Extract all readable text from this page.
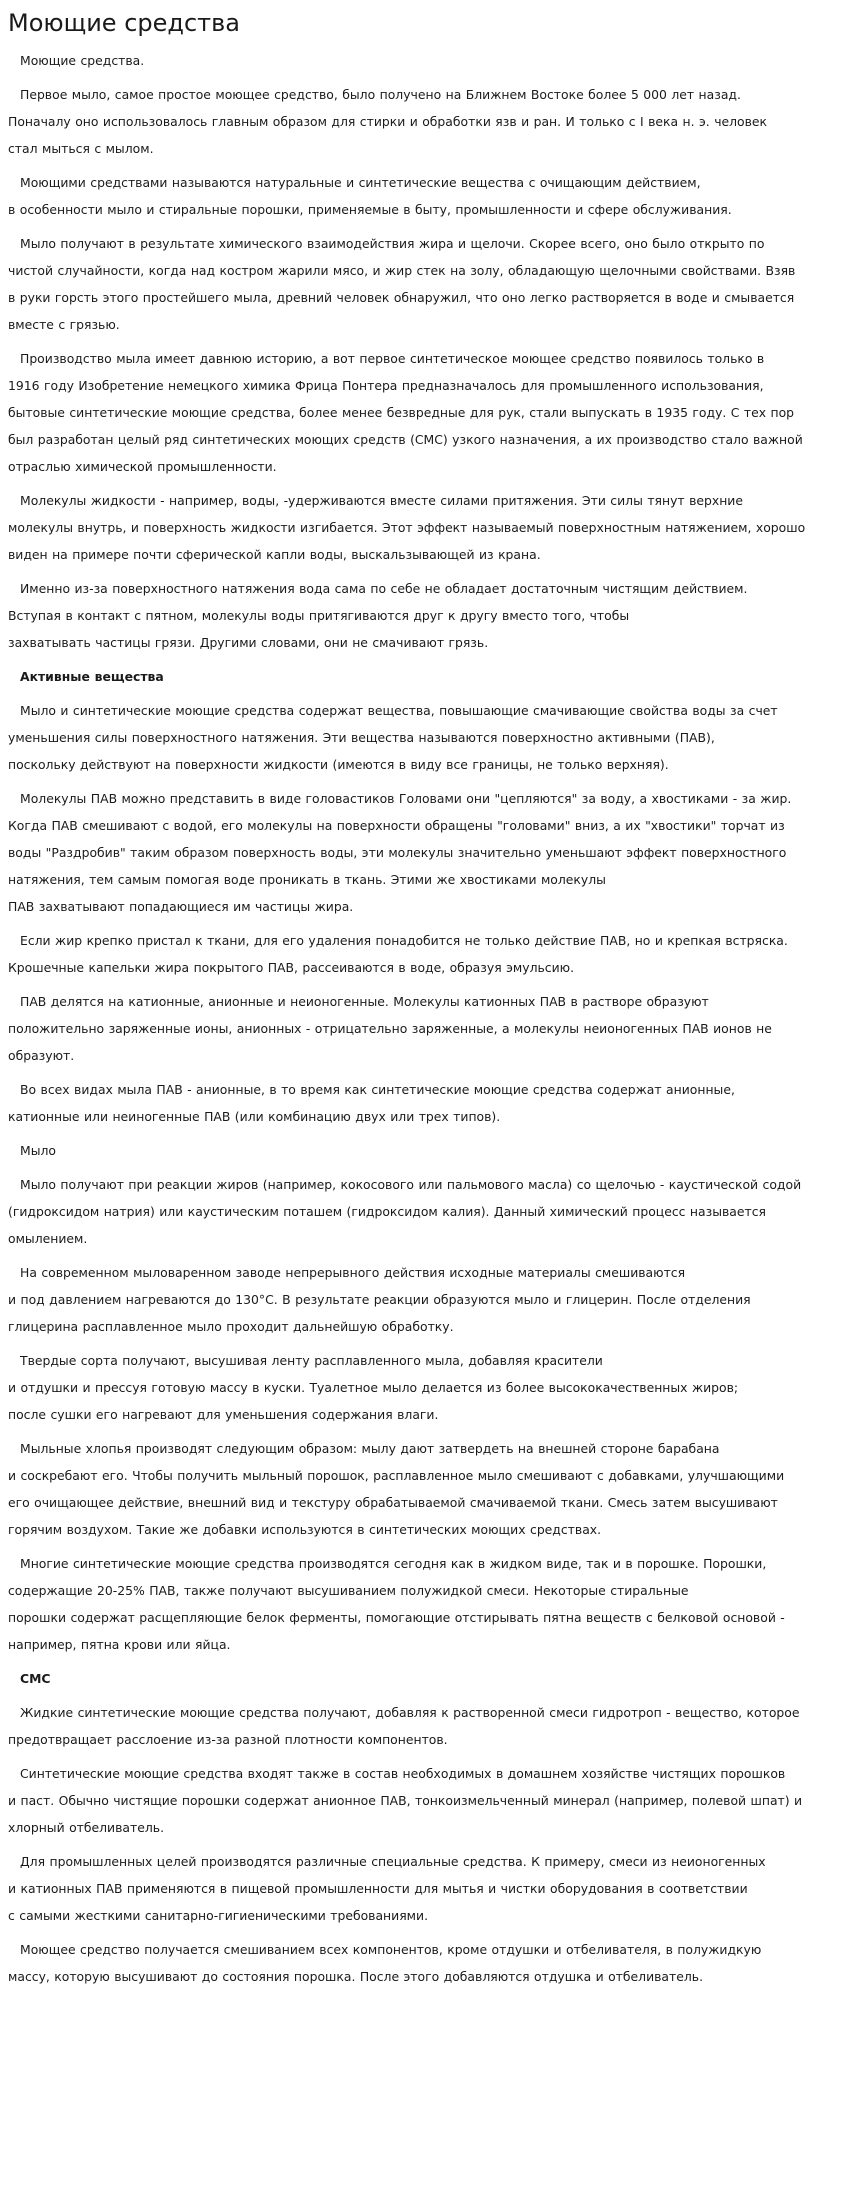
Моющие средства

Моющие средства.

Первое мыло, самое простое моющее средство, было получено на Ближнем Востоке более 5 000 лет назад.
Поначалу оно использовалось главным образом для стирки и обработки язв и ран. И только с I века н. э. человек
стал мыться с мылом.

Моющими средствами называются натуральные и синтетические вещества с очищающим действием,
в особенности мыло и стиральные порошки, применяемые в быту, промышленности и сфере обслуживания.

Мыло получают в результате химического взаимодействия жира и щелочи. Скорее всего, оно было открыто по
чистой случайности, когда над костром жарили мясо, и жир стек на золу, обладающую щелочными свойствами. Взяв
в руки горсть этого простейшего мыла, древний человек обнаружил, что оно легко растворяется в воде и смывается
вместе с грязью.

Производство мыла имеет давнюю историю, а вот первое синтетическое моющее средство появилось только в
1916 году Изобретение немецкого химика Фрица Понтера предназначалось для промышленного использования,
бытовые синтетические моющие средства, более менее безвредные для рук, стали выпускать в 1935 году. С тех пор
был разработан целый ряд синтетических моющих средств (СМС) узкого назначения, а их производство стало важной
отраслью химической промышленности.

Молекулы жидкости - например, воды, -удерживаются вместе силами притяжения. Эти силы тянут верхние
молекулы внутрь, и поверхность жидкости изгибается. Этот эффект называемый поверхностным натяжением, хорошо
виден на примере почти сферической капли воды, выскальзывающей из крана.

Именно из-за поверхностного натяжения вода сама по себе не обладает достаточным чистящим действием.
Вступая в контакт с пятном, молекулы воды притягиваются друг к другу вместо того, чтобы
захватывать частицы грязи. Другими словами, они не смачивают грязь.

Активные вещества

Мыло и синтетические моющие средства содержат вещества, повышающие смачивающие свойства воды за счет
уменьшения силы поверхностного натяжения. Эти вещества называются поверхностно активными (ПАВ),
поскольку действуют на поверхности жидкости (имеются в виду все границы, не только верхняя).

Молекулы ПАВ можно представить в виде головастиков Головами они "цепляются" за воду, а хвостиками - за жир.
Когда ПАВ смешивают с водой, его молекулы на поверхности обращены "головами" вниз, а их "хвостики" торчат из
воды "Раздробив" таким образом поверхность воды, эти молекулы значительно уменьшают эффект поверхностного
натяжения, тем самым помогая воде проникать в ткань. Этими же хвостиками молекулы
ПАВ захватывают попадающиеся им частицы жира.

Если жир крепко пристал к ткани, для его удаления понадобится не только действие ПАВ, но и крепкая встряска.
Крошечные капельки жира покрытого ПАВ, рассеиваются в воде, образуя эмульсию.

ПАВ делятся на катионные, анионные и неионогенные. Молекулы катионных ПАВ в растворе образуют
положительно заряженные ионы, анионных - отрицательно заряженные, а молекулы неионогенных ПАВ ионов не
образуют.

Во всех видах мыла ПАВ - анионные, в то время как синтетические моющие средства содержат анионные,
катионные или неиногенные ПАВ (или комбинацию двух или трех типов).

Мыло

Мыло получают при реакции жиров (например, кокосового или пальмового масла) со щелочью - каустической содой
(гидроксидом натрия) или каустическим поташем (гидроксидом калия). Данный химический процесс называется
омылением.

На современном мыловаренном заводе непрерывного действия исходные материалы смешиваются
и под давлением нагреваются до 130°С. В результате реакции образуются мыло и глицерин. После отделения
глицерина расплавленное мыло проходит дальнейшую обработку.

Твердые сорта получают, высушивая ленту расплавленного мыла, добавляя красители
и отдушки и прессуя готовую массу в куски. Туалетное мыло делается из более высококачественных жиров;
после сушки его нагревают для уменьшения содержания влаги.

Мыльные хлопья производят следующим образом: мылу дают затвердеть на внешней стороне барабана
и соскребают его. Чтобы получить мыльный порошок, расплавленное мыло смешивают с добавками, улучшающими
его очищающее действие, внешний вид и текстуру обрабатываемой смачиваемой ткани. Смесь затем высушивают
горячим воздухом. Такие же добавки используются в синтетических моющих средствах.

Многие синтетические моющие средства производятся сегодня как в жидком виде, так и в порошке. Порошки,
содержащие 20-25% ПАВ, также получают высушиванием полужидкой смеси. Некоторые стиральные
порошки содержат расщепляющие белок ферменты, помогающие отстирывать пятна веществ с белковой основой -
например, пятна крови или яйца.

СМС

Жидкие синтетические моющие средства получают, добавляя к растворенной смеси гидротроп - вещество, которое
предотвращает расслоение из-за разной плотности компонентов.

Синтетические моющие средства входят также в состав необходимых в домашнем хозяйстве чистящих порошков
и паст. Обычно чистящие порошки содержат анионное ПАВ, тонкоизмельченный минерал (например, полевой шпат) и
хлорный отбеливатель.

Для промышленных целей производятся различные специальные средства. К примеру, смеси из неионогенных
и катионных ПАВ применяются в пищевой промышленности для мытья и чистки оборудования в соответствии
с самыми жесткими санитарно-гигиеническими требованиями.

Моющее средство получается смешиванием всех компонентов, кроме отдушки и отбеливателя, в полужидкую
массу, которую высушивают до состояния порошка. После этого добавляются отдушка и отбеливатель.
